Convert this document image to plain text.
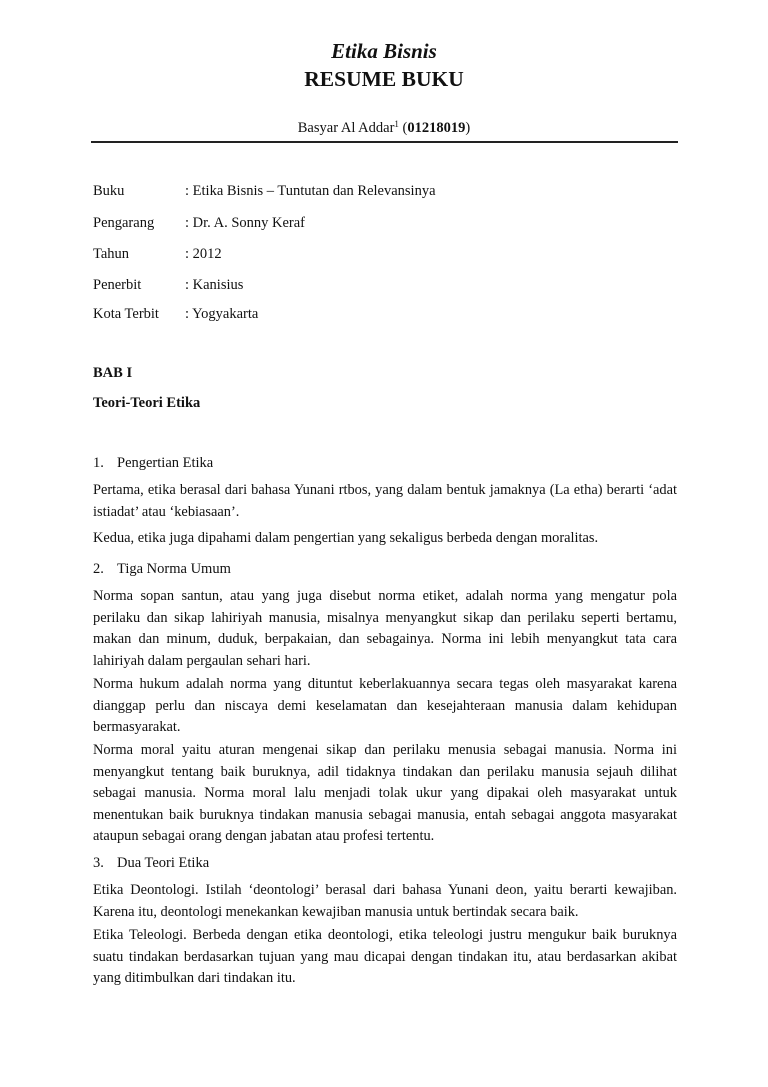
Etika Bisnis
RESUME BUKU
Basyar Al Addar$^1$ (01218019)
Buku	: Etika Bisnis – Tuntutan dan Relevansinya
Pengarang : Dr. A. Sonny Keraf
Tahun	: 2012
Penerbit	: Kanisius
Kota Terbit : Yogyakarta
BAB I
Teori-Teori Etika
1. Pengertian Etika
Pertama, etika berasal dari bahasa Yunani rtbos, yang dalam bentuk jamaknya (La etha) berarti ‘adat istiadat’ atau ‘kebiasaan’.
Kedua, etika juga dipahami dalam pengertian yang sekaligus berbeda dengan moralitas.
2. Tiga Norma Umum
Norma sopan santun, atau yang juga disebut norma etiket, adalah norma yang mengatur pola perilaku dan sikap lahiriyah manusia, misalnya menyangkut sikap dan perilaku seperti bertamu, makan dan minum, duduk, berpakaian, dan sebagainya. Norma ini lebih menyangkut tata cara lahiriyah dalam pergaulan sehari hari.
Norma hukum adalah norma yang dituntut keberlakuannya secara tegas oleh masyarakat karena dianggap perlu dan niscaya demi keselamatan dan kesejahteraan manusia dalam kehidupan bermasyarakat.
Norma moral yaitu aturan mengenai sikap dan perilaku menusia sebagai manusia. Norma ini menyangkut tentang baik buruknya, adil tidaknya tindakan dan perilaku manusia sejauh dilihat sebagai manusia. Norma moral lalu menjadi tolak ukur yang dipakai oleh masyarakat untuk menentukan baik buruknya tindakan manusia sebagai manusia, entah sebagai anggota masyarakat ataupun sebagai orang dengan jabatan atau profesi tertentu.
3. Dua Teori Etika
Etika Deontologi. Istilah ‘deontologi’ berasal dari bahasa Yunani deon, yaitu berarti kewajiban. Karena itu, deontologi menekankan kewajiban manusia untuk bertindak secara baik.
Etika Teleologi. Berbeda dengan etika deontologi, etika teleologi justru mengukur baik buruknya suatu tindakan berdasarkan tujuan yang mau dicapai dengan tindakan itu, atau berdasarkan akibat yang ditimbulkan dari tindakan itu.
